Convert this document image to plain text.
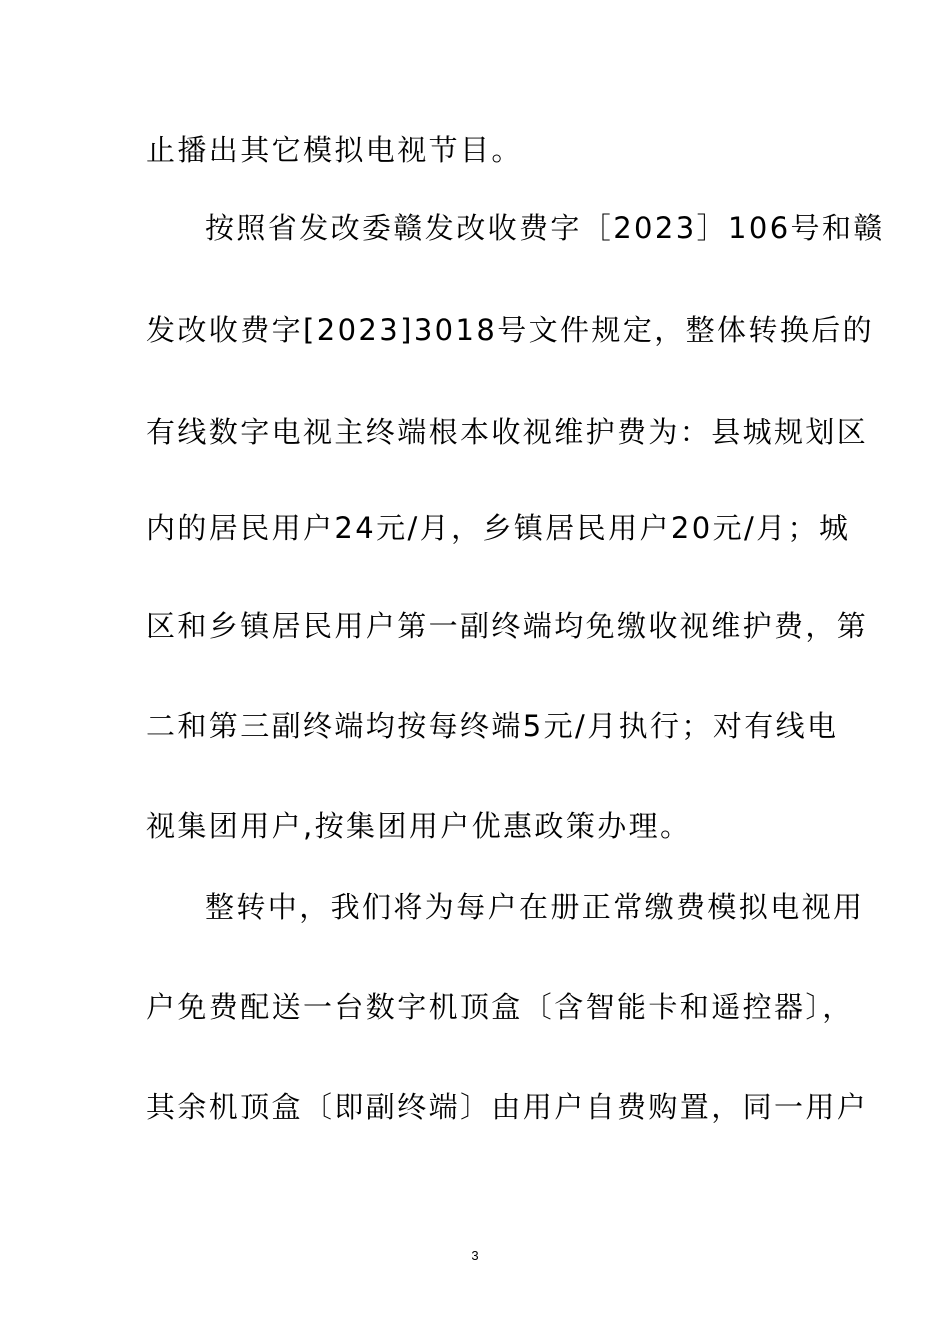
止播出其它模拟电视节目。
按照省发改委赣发改收费字［2023］106号和赣
发改收费字[2023]3018号文件规定，整体转换后的
有线数字电视主终端根本收视维护费为：县城规划区
内的居民用户24元/月，乡镇居民用户20元/月；城
区和乡镇居民用户第一副终端均免缴收视维护费，第
二和第三副终端均按每终端5元/月执行；对有线电
视集团用户,按集团用户优惠政策办理。
整转中，我们将为每户在册正常缴费模拟电视用
户免费配送一台数字机顶盒〔含智能卡和遥控器〕，
其余机顶盒〔即副终端〕由用户自费购置，同一用户
3
